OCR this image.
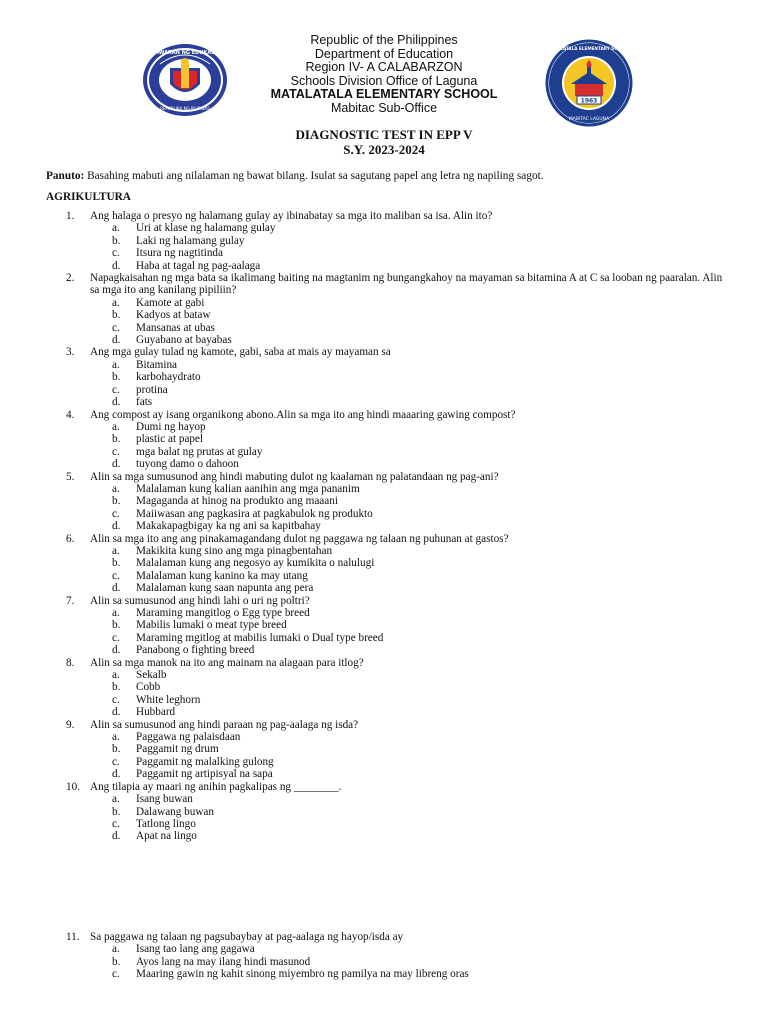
KAGAWARAN NG EDUKASYON
REPUBLIKA NG PILIPINAS
Republic of the Philippines
Department of Education
Region IV- A CALABARZON
Schools Division Office of Laguna
MATALATALA ELEMENTARY SCHOOL
Mabitac Sub-Office	1963
MATALATALA ELEMENTARY SCHOOL
MABITAC LAGUNA
DIAGNOSTIC TEST IN EPP V
S.Y. 2023-2024
Panuto: Basahing mabuti ang nilalaman ng bawat bilang. Isulat sa sagutang papel ang letra ng napiling sagot.
AGRIKULTURA
1. Ang halaga o presyo ng halamang gulay ay ibinabatay sa mga ito maliban sa isa. Alin ito?
a. Uri at klase ng halamang gulay
b. Laki ng halamang gulay
c. Itsura ng nagtitinda
d. Haba at tagal ng pag-aalaga
2. Napagkaisahan ng mga bata sa ikalimang baiting na magtanim ng bungangkahoy na mayaman sa bitamina A at C sa looban ng paaralan. Alin sa mga ito ang kanilang pipiliin?
a. Kamote at gabi
b. Kadyos at bataw
c. Mansanas at ubas
d. Guyabano at bayabas
3. Ang mga gulay tulad ng kamote, gabi, saba at mais ay mayaman sa
a. Bitamina
b. karbohaydrato
c. protina
d. fats
4. Ang compost ay isang organikong abono.Alin sa mga ito ang hindi maaaring gawing compost?
a. Dumi ng hayop
b. plastic at papel
c. mga balat ng prutas at gulay
d. tuyong damo o dahoon
5. Alin sa mga sumusunod ang hindi mabuting dulot ng kaalaman ng palatandaan ng pag-ani?
a. Malalaman kung kalian aanihin ang mga pananim
b. Magaganda at hinog na produkto ang maaani
c. Maiiwasan ang pagkasira at pagkabulok ng produkto
d. Makakapagbigay ka ng ani sa kapitbahay
6. Alin sa mga ito ang ang pinakamagandang dulot ng paggawa ng talaan ng puhunan at gastos?
a. Makikita kung sino ang mga pinagbentahan
b. Malalaman kung ang negosyo ay kumikita o nalulugi
c. Malalaman kung kanino ka may utang
d. Malalaman kung saan napunta ang pera
7. Alin sa sumusunod ang hindi lahi o uri ng poltri?
a. Maraming mangitlog o Egg type breed
b. Mabilis lumaki o meat type breed
c. Maraming mgitlog at mabilis lumaki o Dual type breed
d. Panabong o fighting breed
8. Alin sa mga manok na ito ang mainam na alagaan para itlog?
a. Sekalb
b. Cobb
c. White leghorn
d. Hubbard
9. Alin sa sumusunod ang hindi paraan ng pag-aalaga ng isda?
a. Paggawa ng palaisdaan
b. Paggamit ng drum
c. Paggamit ng malalking gulong
d. Paggamit ng artipisyal na sapa
10. Ang tilapia ay maari ng anihin pagkalipas ng ________.
a. Isang buwan
b. Dalawang buwan
c. Tatlong lingo
d. Apat na lingo
11. Sa paggawa ng talaan ng pagsubaybay at pag-aalaga ng hayop/isda ay
a. Isang tao lang ang gagawa
b. Ayos lang na may ilang hindi masunod
c. Maaring gawin ng kahit sinong miyembro ng pamilya na may libreng oras
